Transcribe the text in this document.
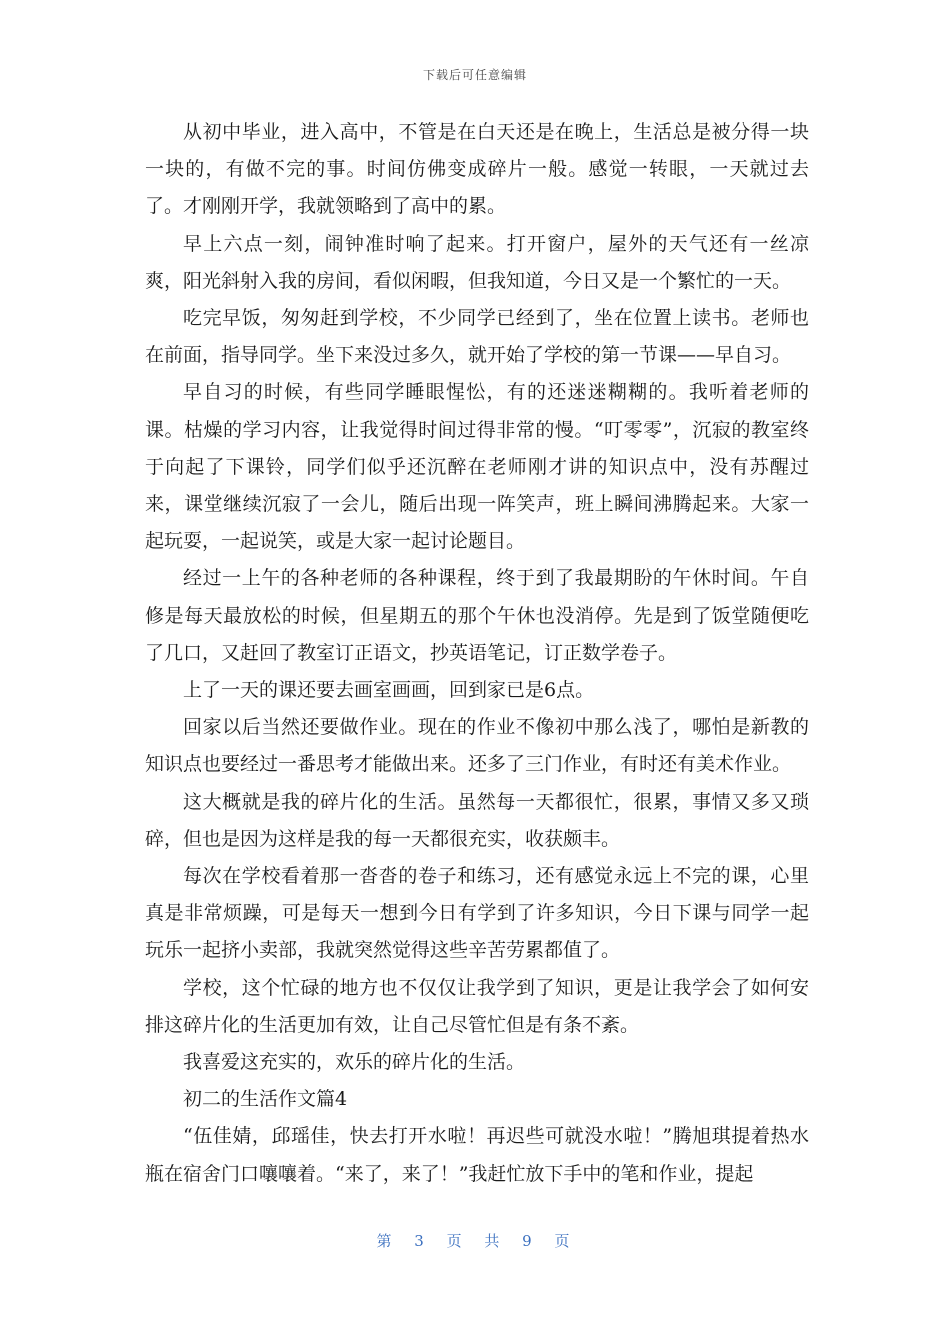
下载后可任意编辑

从初中毕业，进入高中，不管是在白天还是在晚上，生活总是被分得一块一块的，有做不完的事。时间仿佛变成碎片一般。感觉一转眼，一天就过去了。才刚刚开学，我就领略到了高中的累。

早上六点一刻，闹钟准时响了起来。打开窗户，屋外的天气还有一丝凉爽，阳光斜射入我的房间，看似闲暇，但我知道，今日又是一个繁忙的一天。

吃完早饭，匆匆赶到学校，不少同学已经到了，坐在位置上读书。老师也在前面，指导同学。坐下来没过多久，就开始了学校的第一节课——早自习。

早自习的时候，有些同学睡眼惺忪，有的还迷迷糊糊的。我听着老师的课。枯燥的学习内容，让我觉得时间过得非常的慢。“叮零零”，沉寂的教室终于向起了下课铃，同学们似乎还沉醉在老师刚才讲的知识点中，没有苏醒过来，课堂继续沉寂了一会儿，随后出现一阵笑声，班上瞬间沸腾起来。大家一起玩耍，一起说笑，或是大家一起讨论题目。

经过一上午的各种老师的各种课程，终于到了我最期盼的午休时间。午自修是每天最放松的时候，但星期五的那个午休也没消停。先是到了饭堂随便吃了几口，又赶回了教室订正语文，抄英语笔记，订正数学卷子。

上了一天的课还要去画室画画，回到家已是6点。

回家以后当然还要做作业。现在的作业不像初中那么浅了，哪怕是新教的知识点也要经过一番思考才能做出来。还多了三门作业，有时还有美术作业。

这大概就是我的碎片化的生活。虽然每一天都很忙，很累，事情又多又琐碎，但也是因为这样是我的每一天都很充实，收获颇丰。

每次在学校看着那一沓沓的卷子和练习，还有感觉永远上不完的课，心里真是非常烦躁，可是每天一想到今日有学到了许多知识，今日下课与同学一起玩乐一起挤小卖部，我就突然觉得这些辛苦劳累都值了。

学校，这个忙碌的地方也不仅仅让我学到了知识，更是让我学会了如何安排这碎片化的生活更加有效，让自己尽管忙但是有条不紊。

我喜爱这充实的，欢乐的碎片化的生活。

初二的生活作文篇4

“伍佳婧，邱瑶佳，快去打开水啦！再迟些可就没水啦！”腾旭琪提着热水瓶在宿舍门口嚷嚷着。“来了，来了！”我赶忙放下手中的笔和作业，提起

第 3 页 共 9 页
